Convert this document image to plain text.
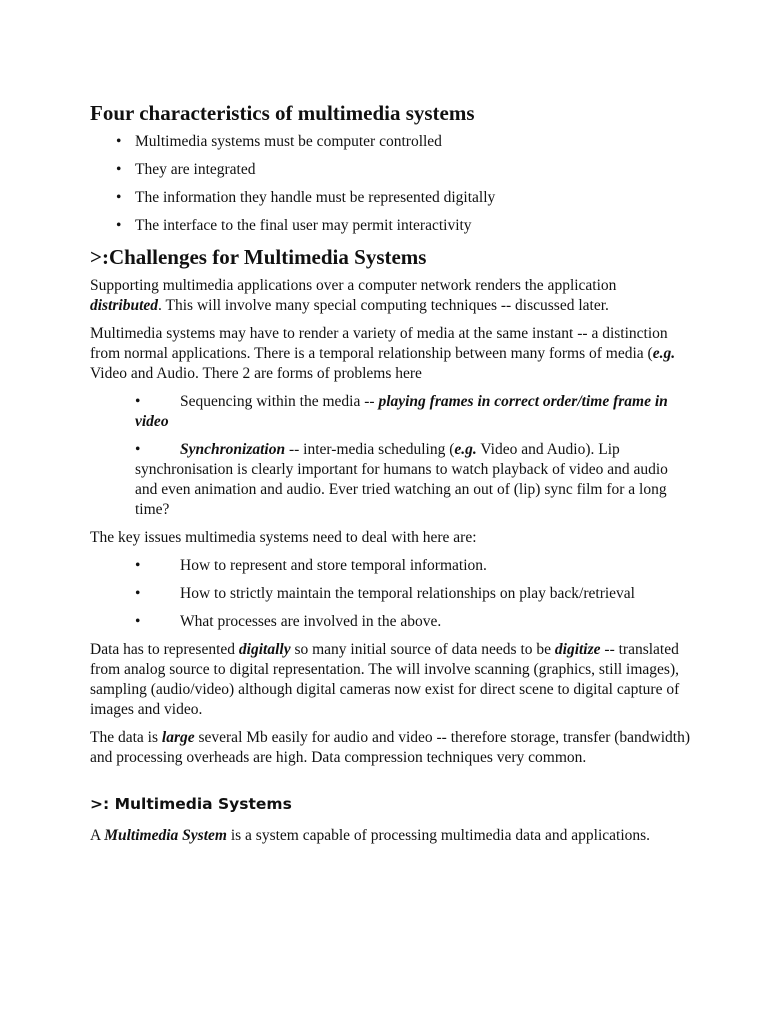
Four characteristics of multimedia systems
• Multimedia systems must be computer controlled
• They are integrated
• The information they handle must be represented digitally
• The interface to the final user may permit interactivity
>:Challenges for Multimedia Systems

Supporting multimedia applications over a computer network renders the application distributed. This will involve many special computing techniques -- discussed later.

Multimedia systems may have to render a variety of media at the same instant -- a distinction from normal applications. There is a temporal relationship between many forms of media (e.g. Video and Audio. There 2 are forms of problems here

•	Sequencing within the media -- playing frames in correct order/time frame in video
•	Synchronization -- inter-media scheduling (e.g. Video and Audio). Lip synchronisation is clearly important for humans to watch playback of video and audio and even animation and audio. Ever tried watching an out of (lip) sync film for a long time?

The key issues multimedia systems need to deal with here are:

•	How to represent and store temporal information.
•	How to strictly maintain the temporal relationships on play back/retrieval
•	What processes are involved in the above.

Data has to represented digitally so many initial source of data needs to be digitize -- translated from analog source to digital representation. The will involve scanning (graphics, still images), sampling (audio/video) although digital cameras now exist for direct scene to digital capture of images and video.

The data is large several Mb easily for audio and video -- therefore storage, transfer (bandwidth) and processing overheads are high. Data compression techniques very common.

>: Multimedia Systems

A Multimedia System is a system capable of processing multimedia data and applications.
